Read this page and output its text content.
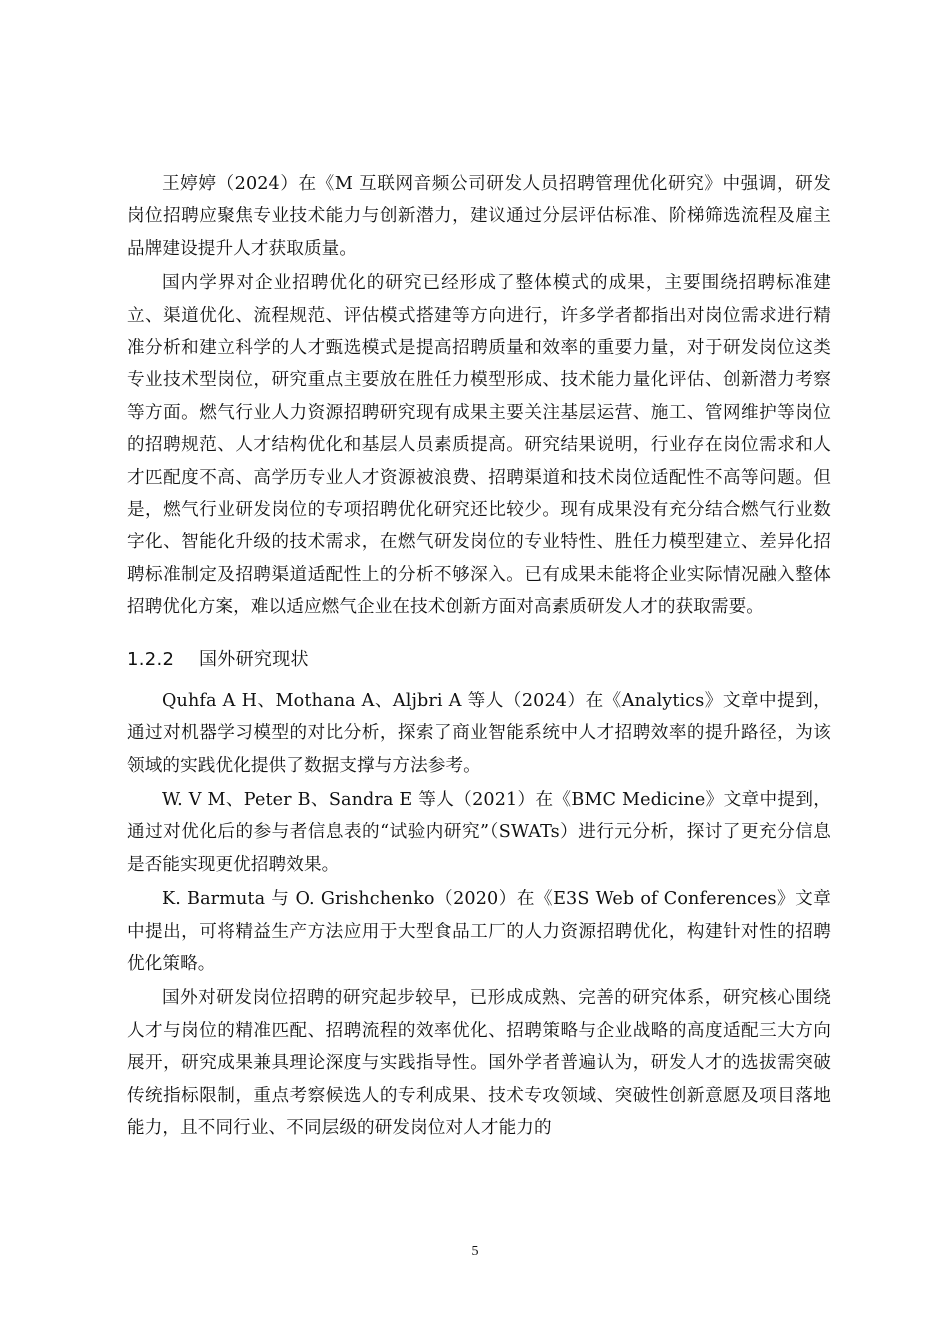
王婷婷（2024）在《M 互联网音频公司研发人员招聘管理优化研究》中强调，研发岗位招聘应聚焦专业技术能力与创新潜力，建议通过分层评估标准、阶梯筛选流程及雇主品牌建设提升人才获取质量。

国内学界对企业招聘优化的研究已经形成了整体模式的成果，主要围绕招聘标准建立、渠道优化、流程规范、评估模式搭建等方向进行，许多学者都指出对岗位需求进行精准分析和建立科学的人才甄选模式是提高招聘质量和效率的重要力量，对于研发岗位这类专业技术型岗位，研究重点主要放在胜任力模型形成、技术能力量化评估、创新潜力考察等方面。燃气行业人力资源招聘研究现有成果主要关注基层运营、施工、管网维护等岗位的招聘规范、人才结构优化和基层人员素质提高。研究结果说明，行业存在岗位需求和人才匹配度不高、高学历专业人才资源被浪费、招聘渠道和技术岗位适配性不高等问题。但是，燃气行业研发岗位的专项招聘优化研究还比较少。现有成果没有充分结合燃气行业数字化、智能化升级的技术需求，在燃气研发岗位的专业特性、胜任力模型建立、差异化招聘标准制定及招聘渠道适配性上的分析不够深入。已有成果未能将企业实际情况融入整体招聘优化方案，难以适应燃气企业在技术创新方面对高素质研发人才的获取需要。

1.2.2 国外研究现状

Quhfa A H、Mothana A、Aljbri A 等人（2024）在《Analytics》文章中提到，通过对机器学习模型的对比分析，探索了商业智能系统中人才招聘效率的提升路径，为该领域的实践优化提供了数据支撑与方法参考。

W. V M、Peter B、Sandra E 等人（2021）在《BMC Medicine》文章中提到，通过对优化后的参与者信息表的“试验内研究”（SWATs）进行元分析，探讨了更充分信息是否能实现更优招聘效果。

K. Barmuta 与 O. Grishchenko（2020）在《E3S Web of Conferences》文章中提出，可将精益生产方法应用于大型食品工厂的人力资源招聘优化，构建针对性的招聘优化策略。

国外对研发岗位招聘的研究起步较早，已形成成熟、完善的研究体系，研究核心围绕人才与岗位的精准匹配、招聘流程的效率优化、招聘策略与企业战略的高度适配三大方向展开，研究成果兼具理论深度与实践指导性。国外学者普遍认为，研发人才的选拔需突破传统指标限制，重点考察候选人的专利成果、技术专攻领域、突破性创新意愿及项目落地能力，且不同行业、不同层级的研发岗位对人才能力的

5
